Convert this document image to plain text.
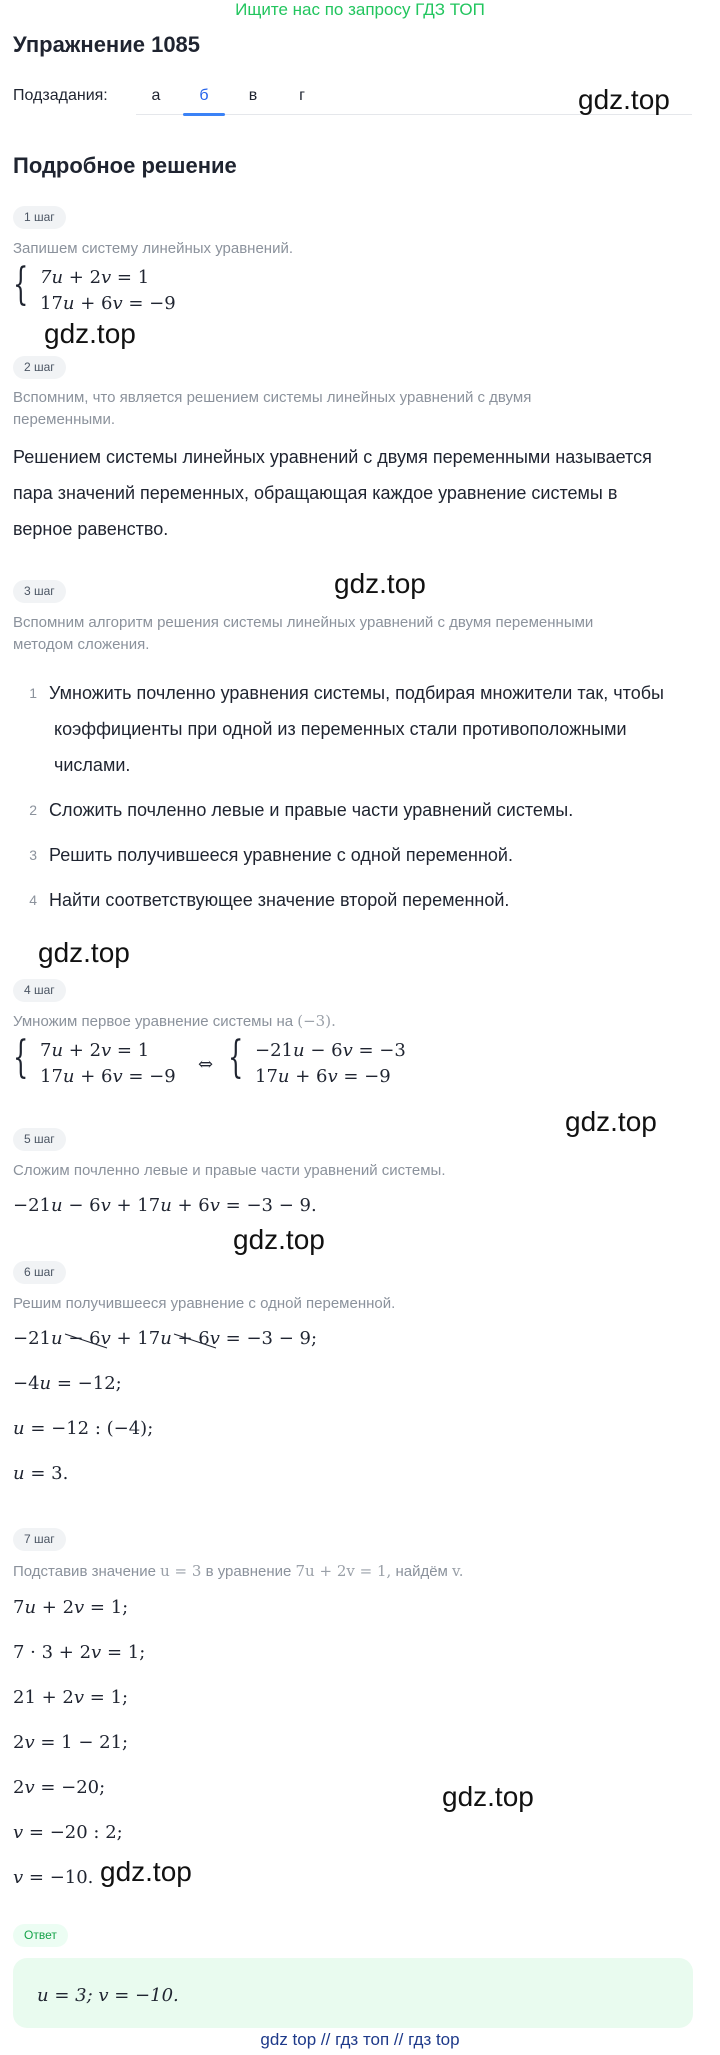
Ищите нас по запросу ГДЗ ТОП
Упражнение 1085
Подзадания:	а	б	в	г	gdz.top
gdz.top
gdz.top
gdz.top
gdz.top
gdz.top
gdz.top
gdz.top
Подробное решение
1 шаг
Запишем систему линейных уравнений.
{ 7u + 2v = 1
17u + 6v = −9
2 шаг
Вспомним, что является решением системы линейных уравнений с двумя
переменными.
Решением системы линейных уравнений с двумя переменными называется
пара значений переменных, обращающая каждое уравнение системы в
верное равенство.
3 шаг
Вспомним алгоритм решения системы линейных уравнений с двумя переменными
методом сложения.
1 Умножить почленно уравнения системы, подбирая множители так, чтобы
коэффициенты при одной из переменных стали противоположными
числами.
2 Сложить почленно левые и правые части уравнений системы.
3 Решить получившееся уравнение с одной переменной.
4 Найти соответствующее значение второй переменной.
4 шаг
Умножим первое уравнение системы на (−3).
{ 7u + 2v = 1
17u + 6v = −9
⇔ { −21u − 6v = −3
17u + 6v = −9
5 шаг
Сложим почленно левые и правые части уравнений системы.
−21u − 6v + 17u + 6v = −3 − 9.
6 шаг
Решим получившееся уравнение с одной переменной.
−21u − 6v
+ 17u + 6v
= −3 − 9;
−4u = −12;
u = −12 : (−4);
u = 3.
7 шаг
Подставив значение u = 3 в уравнение 7u + 2v = 1, найдём v.
7u + 2v = 1;
7 · 3 + 2v = 1;
21 + 2v = 1;
2v = 1 − 21;
2v = −20;
v = −20 : 2;
v = −10.
Ответ
u = 3; v = −10.
gdz top // гдз топ // гдз top
